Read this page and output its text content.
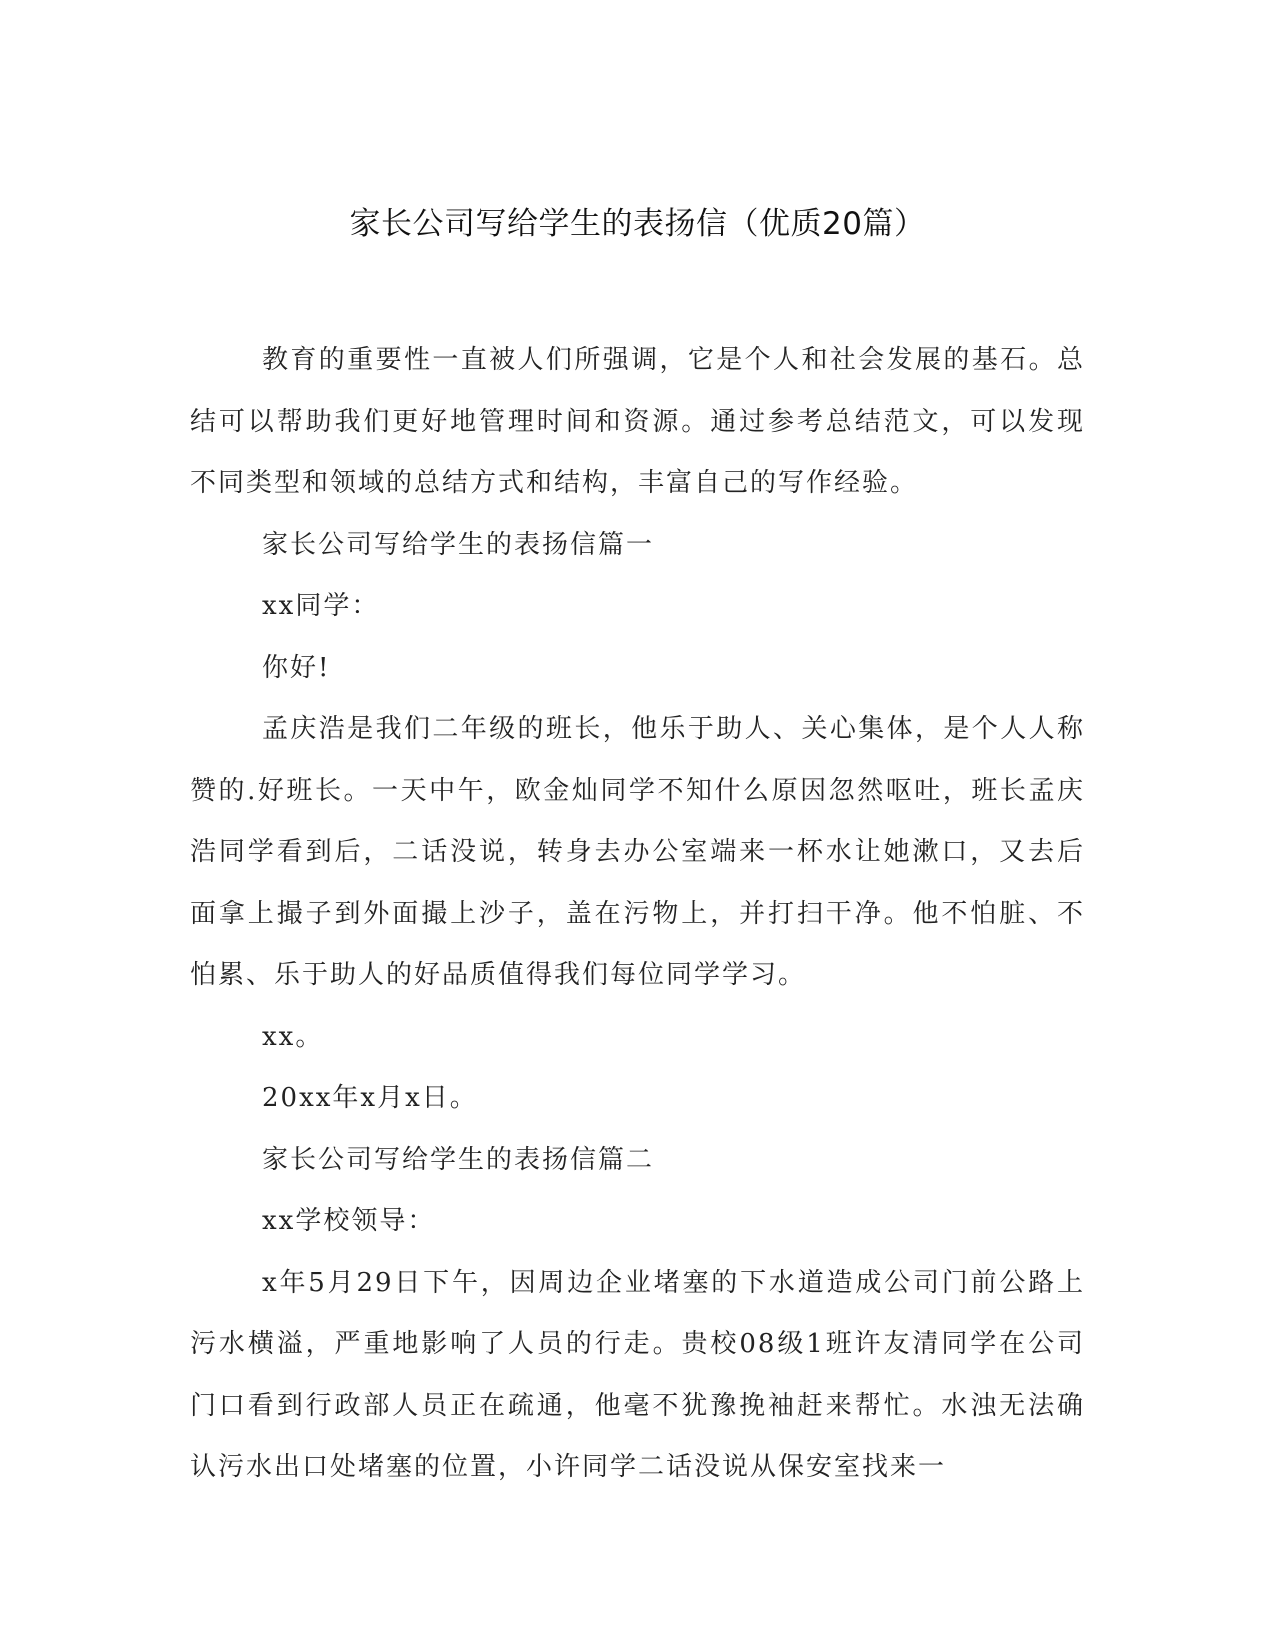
家长公司写给学生的表扬信（优质20篇）

教育的重要性一直被人们所强调，它是个人和社会发展的基石。总结可以帮助我们更好地管理时间和资源。通过参考总结范文，可以发现不同类型和领域的总结方式和结构，丰富自己的写作经验。

家长公司写给学生的表扬信篇一

xx同学：

你好!

孟庆浩是我们二年级的班长，他乐于助人、关心集体，是个人人称赞的.好班长。一天中午，欧金灿同学不知什么原因忽然呕吐，班长孟庆浩同学看到后，二话没说，转身去办公室端来一杯水让她漱口，又去后面拿上撮子到外面撮上沙子，盖在污物上，并打扫干净。他不怕脏、不怕累、乐于助人的好品质值得我们每位同学学习。

xx。

20xx年x月x日。

家长公司写给学生的表扬信篇二

xx学校领导：

x年5月29日下午，因周边企业堵塞的下水道造成公司门前公路上污水横溢，严重地影响了人员的行走。贵校08级1班许友清同学在公司门口看到行政部人员正在疏通，他毫不犹豫挽袖赶来帮忙。水浊无法确认污水出口处堵塞的位置，小许同学二话没说从保安室找来一
